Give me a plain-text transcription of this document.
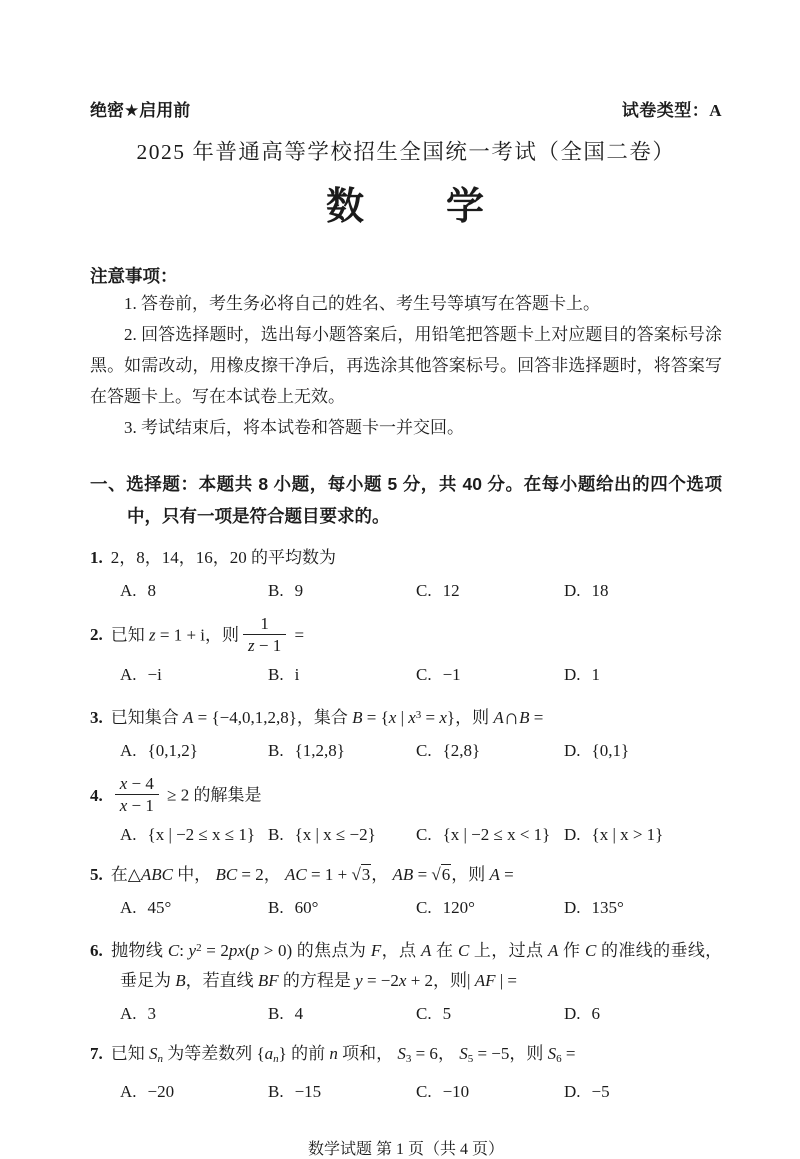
绝密★启用前	试卷类型：A
2025 年普通高等学校招生全国统一考试（全国二卷）
数　　学
注意事项：
1. 答卷前，考生务必将自己的姓名、考生号等填写在答题卡上。
2. 回答选择题时，选出每小题答案后，用铅笔把答题卡上对应题目的答案标号涂黑。如需改动，用橡皮擦干净后，再选涂其他答案标号。回答非选择题时，将答案写在答题卡上。写在本试卷上无效。
3. 考试结束后，将本试卷和答题卡一并交回。
一、选择题：本题共 8 小题，每小题 5 分，共 40 分。在每小题给出的四个选项中，只有一项是符合题目要求的。
1. 2，8，14，16，20 的平均数为
A. 8	B. 9	C. 12	D. 18
2. 已知 z = 1 + i，则 $\frac{1}{z - 1}$ =
A. −i	B. i	C. −1	D. 1
3. 已知集合 A = {−4,0,1,2,8}，集合 B = {x | $x^3 = x$}，则 A∩B =
A. {0,1,2}	B. {1,2,8}	C. {2,8}	D. {0,1}
4. $\frac{x - 4}{x - 1} \ge 2$ 的解集是
A. {x | −2 ≤ x ≤ 1} B. {x | x ≤ −2}	C. {x | −2 ≤ x < 1} D. {x | x > 1}
5. 在△ABC 中， BC = 2， AC = 1 + √3， AB = √6，则 A =
A. 45°	B. 60°	C. 120°	D. 135°
6. 抛物线 C: $y^2 = 2px(p > 0)$ 的焦点为 F，点 A 在 C 上，过点 A 作 C 的准线的垂线，垂足为 B，若直线 BF 的方程是 y = −2x + 2，则| AF | =
A. 3	B. 4	C. 5	D. 6
7. 已知 $S_n$ 为等差数列 $\{a_n\}$ 的前 n 项和， $S_3 = 6$， $S_5 = -5$，则 $S_6$ =
A. −20	B. −15	C. −10	D. −5
数学试题 第 1 页（共 4 页）
